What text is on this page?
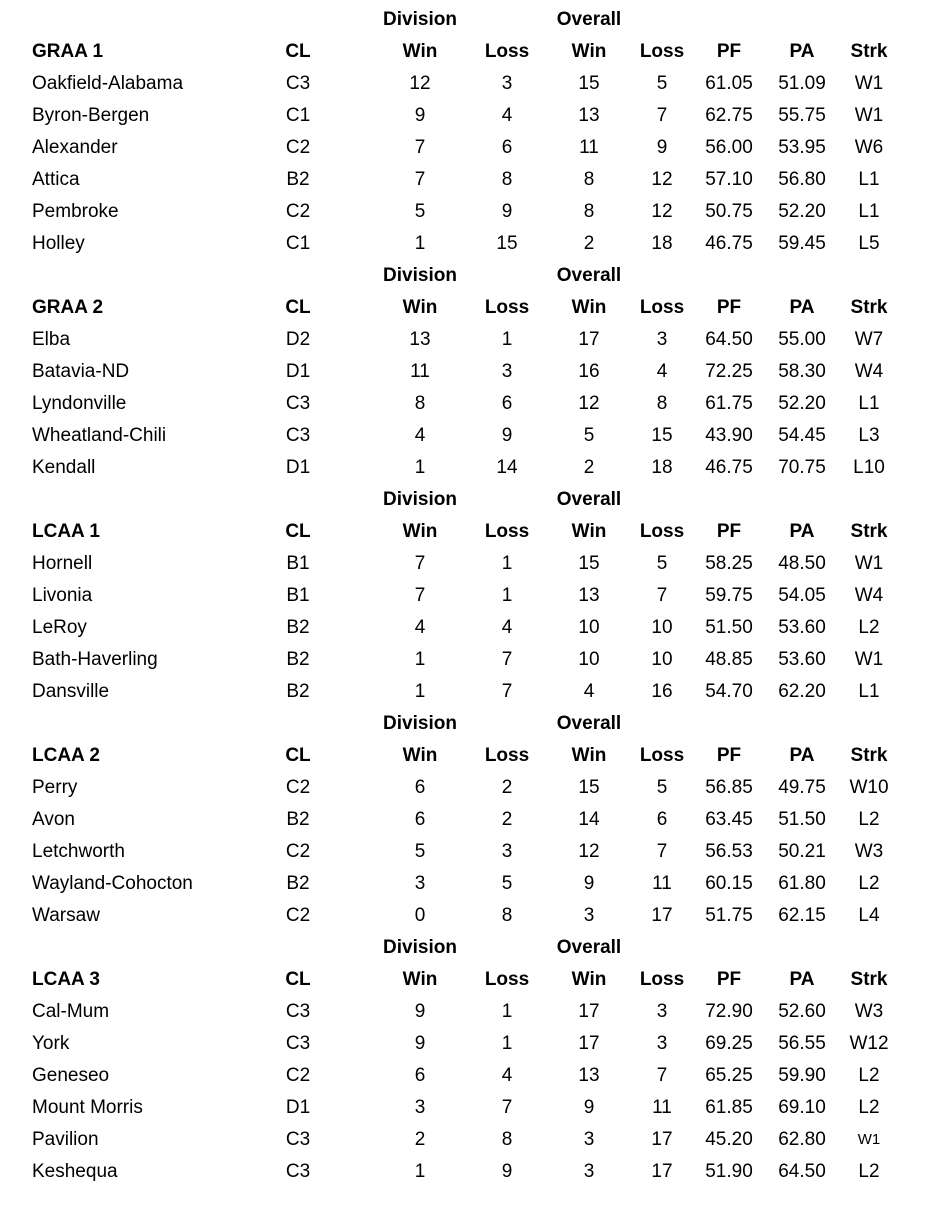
Division	Overall
GRAA 1	CL	Win	Loss	Win	Loss	PF	PA	Strk
Oakfield-Alabama	C3	12	3	15	5	61.05	51.09	W1
Byron-Bergen	C1	9	4	13	7	62.75	55.75	W1
Alexander	C2	7	6	11	9	56.00	53.95	W6
Attica	B2	7	8	8	12	57.10	56.80	L1
Pembroke	C2	5	9	8	12	50.75	52.20	L1
Holley	C1	1	15	2	18	46.75	59.45	L5
Division	Overall
GRAA 2	CL	Win	Loss	Win	Loss	PF	PA	Strk
Elba	D2	13	1	17	3	64.50	55.00	W7
Batavia-ND	D1	11	3	16	4	72.25	58.30	W4
Lyndonville	C3	8	6	12	8	61.75	52.20	L1
Wheatland-Chili	C3	4	9	5	15	43.90	54.45	L3
Kendall	D1	1	14	2	18	46.75	70.75	L10
Division	Overall
LCAA 1	CL	Win	Loss	Win	Loss	PF	PA	Strk
Hornell	B1	7	1	15	5	58.25	48.50	W1
Livonia	B1	7	1	13	7	59.75	54.05	W4
LeRoy	B2	4	4	10	10	51.50	53.60	L2
Bath-Haverling	B2	1	7	10	10	48.85	53.60	W1
Dansville	B2	1	7	4	16	54.70	62.20	L1
Division	Overall
LCAA 2	CL	Win	Loss	Win	Loss	PF	PA	Strk
Perry	C2	6	2	15	5	56.85	49.75	W10
Avon	B2	6	2	14	6	63.45	51.50	L2
Letchworth	C2	5	3	12	7	56.53	50.21	W3
Wayland-Cohocton	B2	3	5	9	11	60.15	61.80	L2
Warsaw	C2	0	8	3	17	51.75	62.15	L4
Division	Overall
LCAA 3	CL	Win	Loss	Win	Loss	PF	PA	Strk
Cal-Mum	C3	9	1	17	3	72.90	52.60	W3
York	C3	9	1	17	3	69.25	56.55	W12
Geneseo	C2	6	4	13	7	65.25	59.90	L2
Mount Morris	D1	3	7	9	11	61.85	69.10	L2
Pavilion	C3	2	8	3	17	45.20	62.80	W1
Keshequa	C3	1	9	3	17	51.90	64.50	L2
